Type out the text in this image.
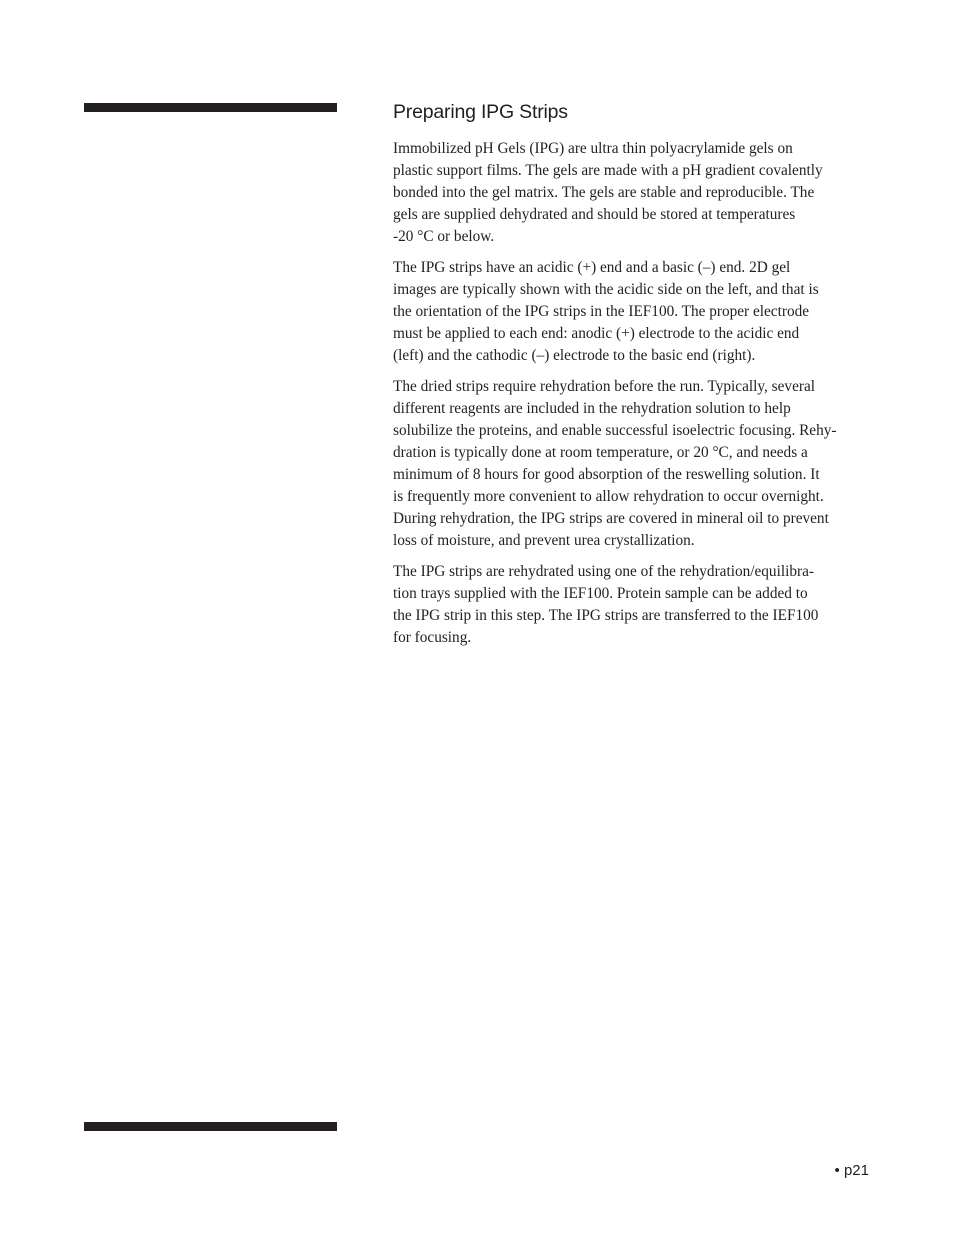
Preparing IPG Strips

Immobilized pH Gels (IPG) are ultra thin polyacrylamide gels on
plastic support films. The gels are made with a pH gradient covalently
bonded into the gel matrix. The gels are stable and reproducible. The
gels are supplied dehydrated and should be stored at temperatures
-20 °C or below.

The IPG strips have an acidic (+) end and a basic (–) end. 2D gel
images are typically shown with the acidic side on the left, and that is
the orientation of the IPG strips in the IEF100. The proper electrode
must be applied to each end: anodic (+) electrode to the acidic end
(left) and the cathodic (–) electrode to the basic end (right).

The dried strips require rehydration before the run. Typically, several
different reagents are included in the rehydration solution to help
solubilize the proteins, and enable successful isoelectric focusing. Rehy-
dration is typically done at room temperature, or 20 °C, and needs a
minimum of 8 hours for good absorption of the reswelling solution. It
is frequently more convenient to allow rehydration to occur overnight.
During rehydration, the IPG strips are covered in mineral oil to prevent
loss of moisture, and prevent urea crystallization.

The IPG strips are rehydrated using one of the rehydration/equilibra-
tion trays supplied with the IEF100. Protein sample can be added to
the IPG strip in this step. The IPG strips are transferred to the IEF100
for focusing.

• p21
